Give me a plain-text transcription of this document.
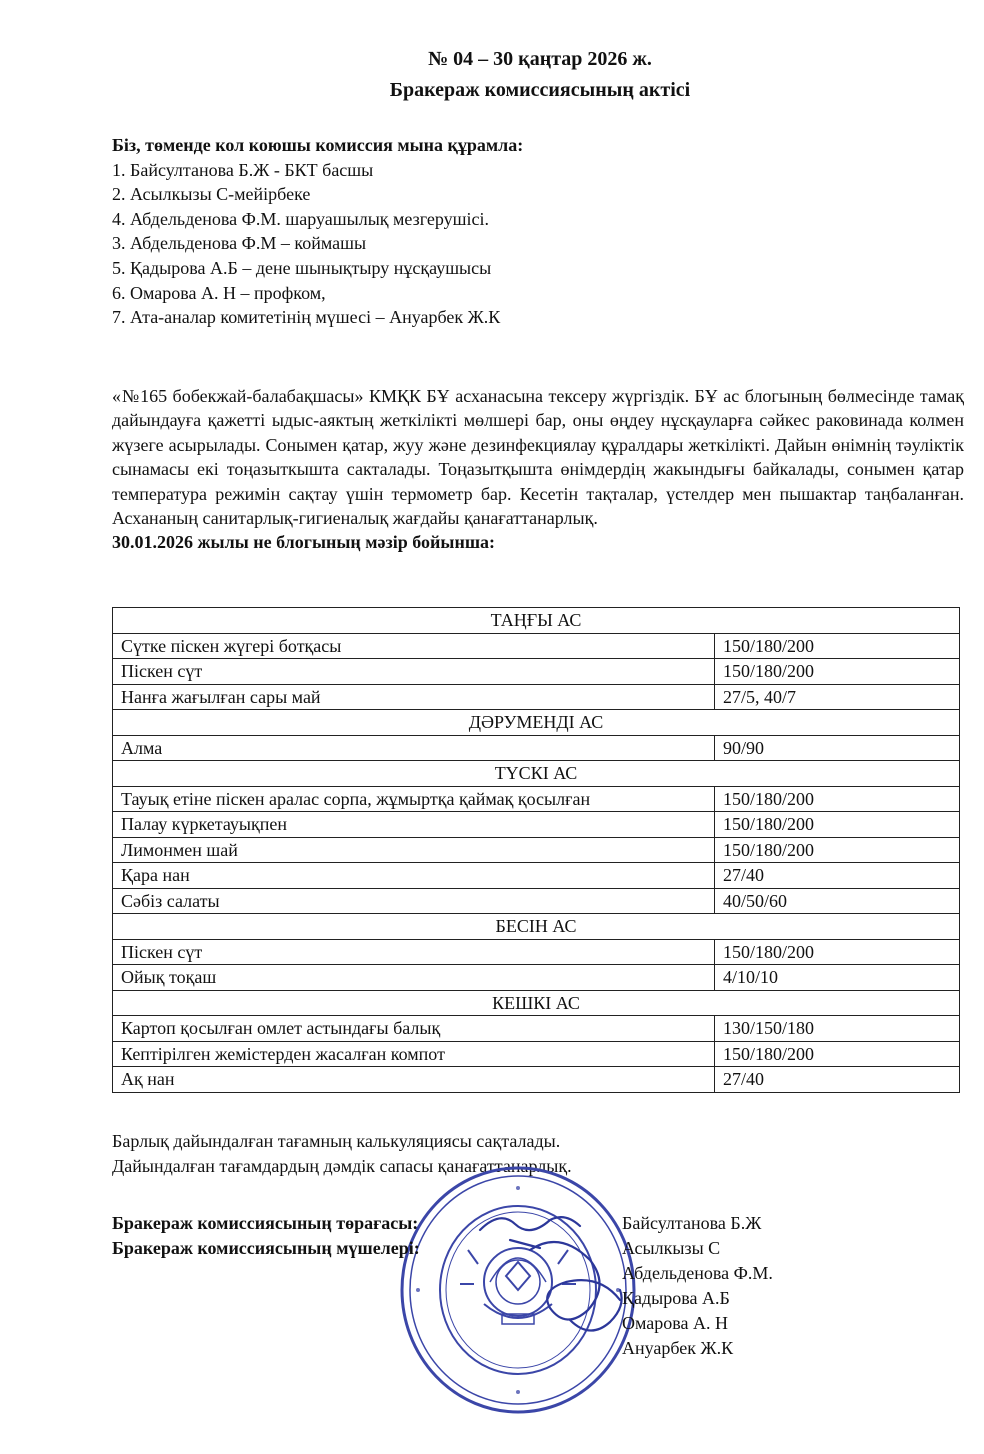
№ 04 – 30 қаңтар 2026 ж.
Бракераж комиссиясының актісі
Біз, төменде кол коюшы комиссия мына құрамла:
1. Байсултанова Б.Ж - БКТ басшы
2. Асылкызы С-мейірбеке
4. Абдельденова Ф.М. шаруашылық мезгерушісі.
3. Абдельденова Ф.М – коймашы
5. Қадырова А.Б – дене шынықтыру нұсқаушысы
6. Омарова А. Н – профком,
7. Ата-аналар комитетінің мүшесі – Ануарбек Ж.К
«№165 бобекжай-балабақшасы» КМҚК БҰ асханасына тексеру жүргіздік. БҰ ас блогының бөлмесінде тамақ дайындауға қажетті ыдыс-аяктың жеткілікті мөлшері бар, оны өңдеу нұсқауларға сәйкес раковинада колмен жүзеге асырылады. Сонымен қатар, жуу және дезинфекциялау құралдары жеткілікті. Дайын өнімнің тәуліктік сынамасы екі тоңазыткышта сакталады. Тоңазытқышта өнімдердің жакындығы байкалады, сонымен қатар температура режимін сақтау үшін термометр бар. Кесетін тақталар, үстелдер мен пышактар таңбаланған. Асхананың санитарлық-гигиеналық жағдайы қанағаттанарлық.
30.01.2026 жылы не блогының мәзір бойынша:
ТАҢҒЫ АС	
Сүтке піскен жүгері ботқасы	150/180/200
Піскен сүт	150/180/200
Нанға жағылған сары май	27/5, 40/7
ДӘРУМЕНДІ АС	
Алма	90/90
ТҮСКІ АС	
Тауық етіне піскен аралас сорпа, жұмыртқа қаймақ қосылған	150/180/200
Палау күркетауықпен	150/180/200
Лимонмен шай	150/180/200
Қара нан	27/40
Сәбіз салаты	40/50/60
БЕСІН АС	
Піскен сүт	150/180/200
Ойық тоқаш	4/10/10
КЕШКІ АС	
Картоп қосылған омлет астындағы балық	130/150/180
Кептірілген жемістерден жасалған компот	150/180/200
Ақ нан	27/40
Барлық дайындалған тағамның калькуляциясы сақталады.
Дайындалған тағамдардың дәмдік сапасы қанағаттанарлық.
Бракераж комиссиясының төрағасы:
Бракераж комиссиясының мүшелері:
Байсултанова Б.Ж
Асылкызы С
Абдельденова Ф.М.
Қадырова А.Б
Омарова А. Н
Ануарбек Ж.К
